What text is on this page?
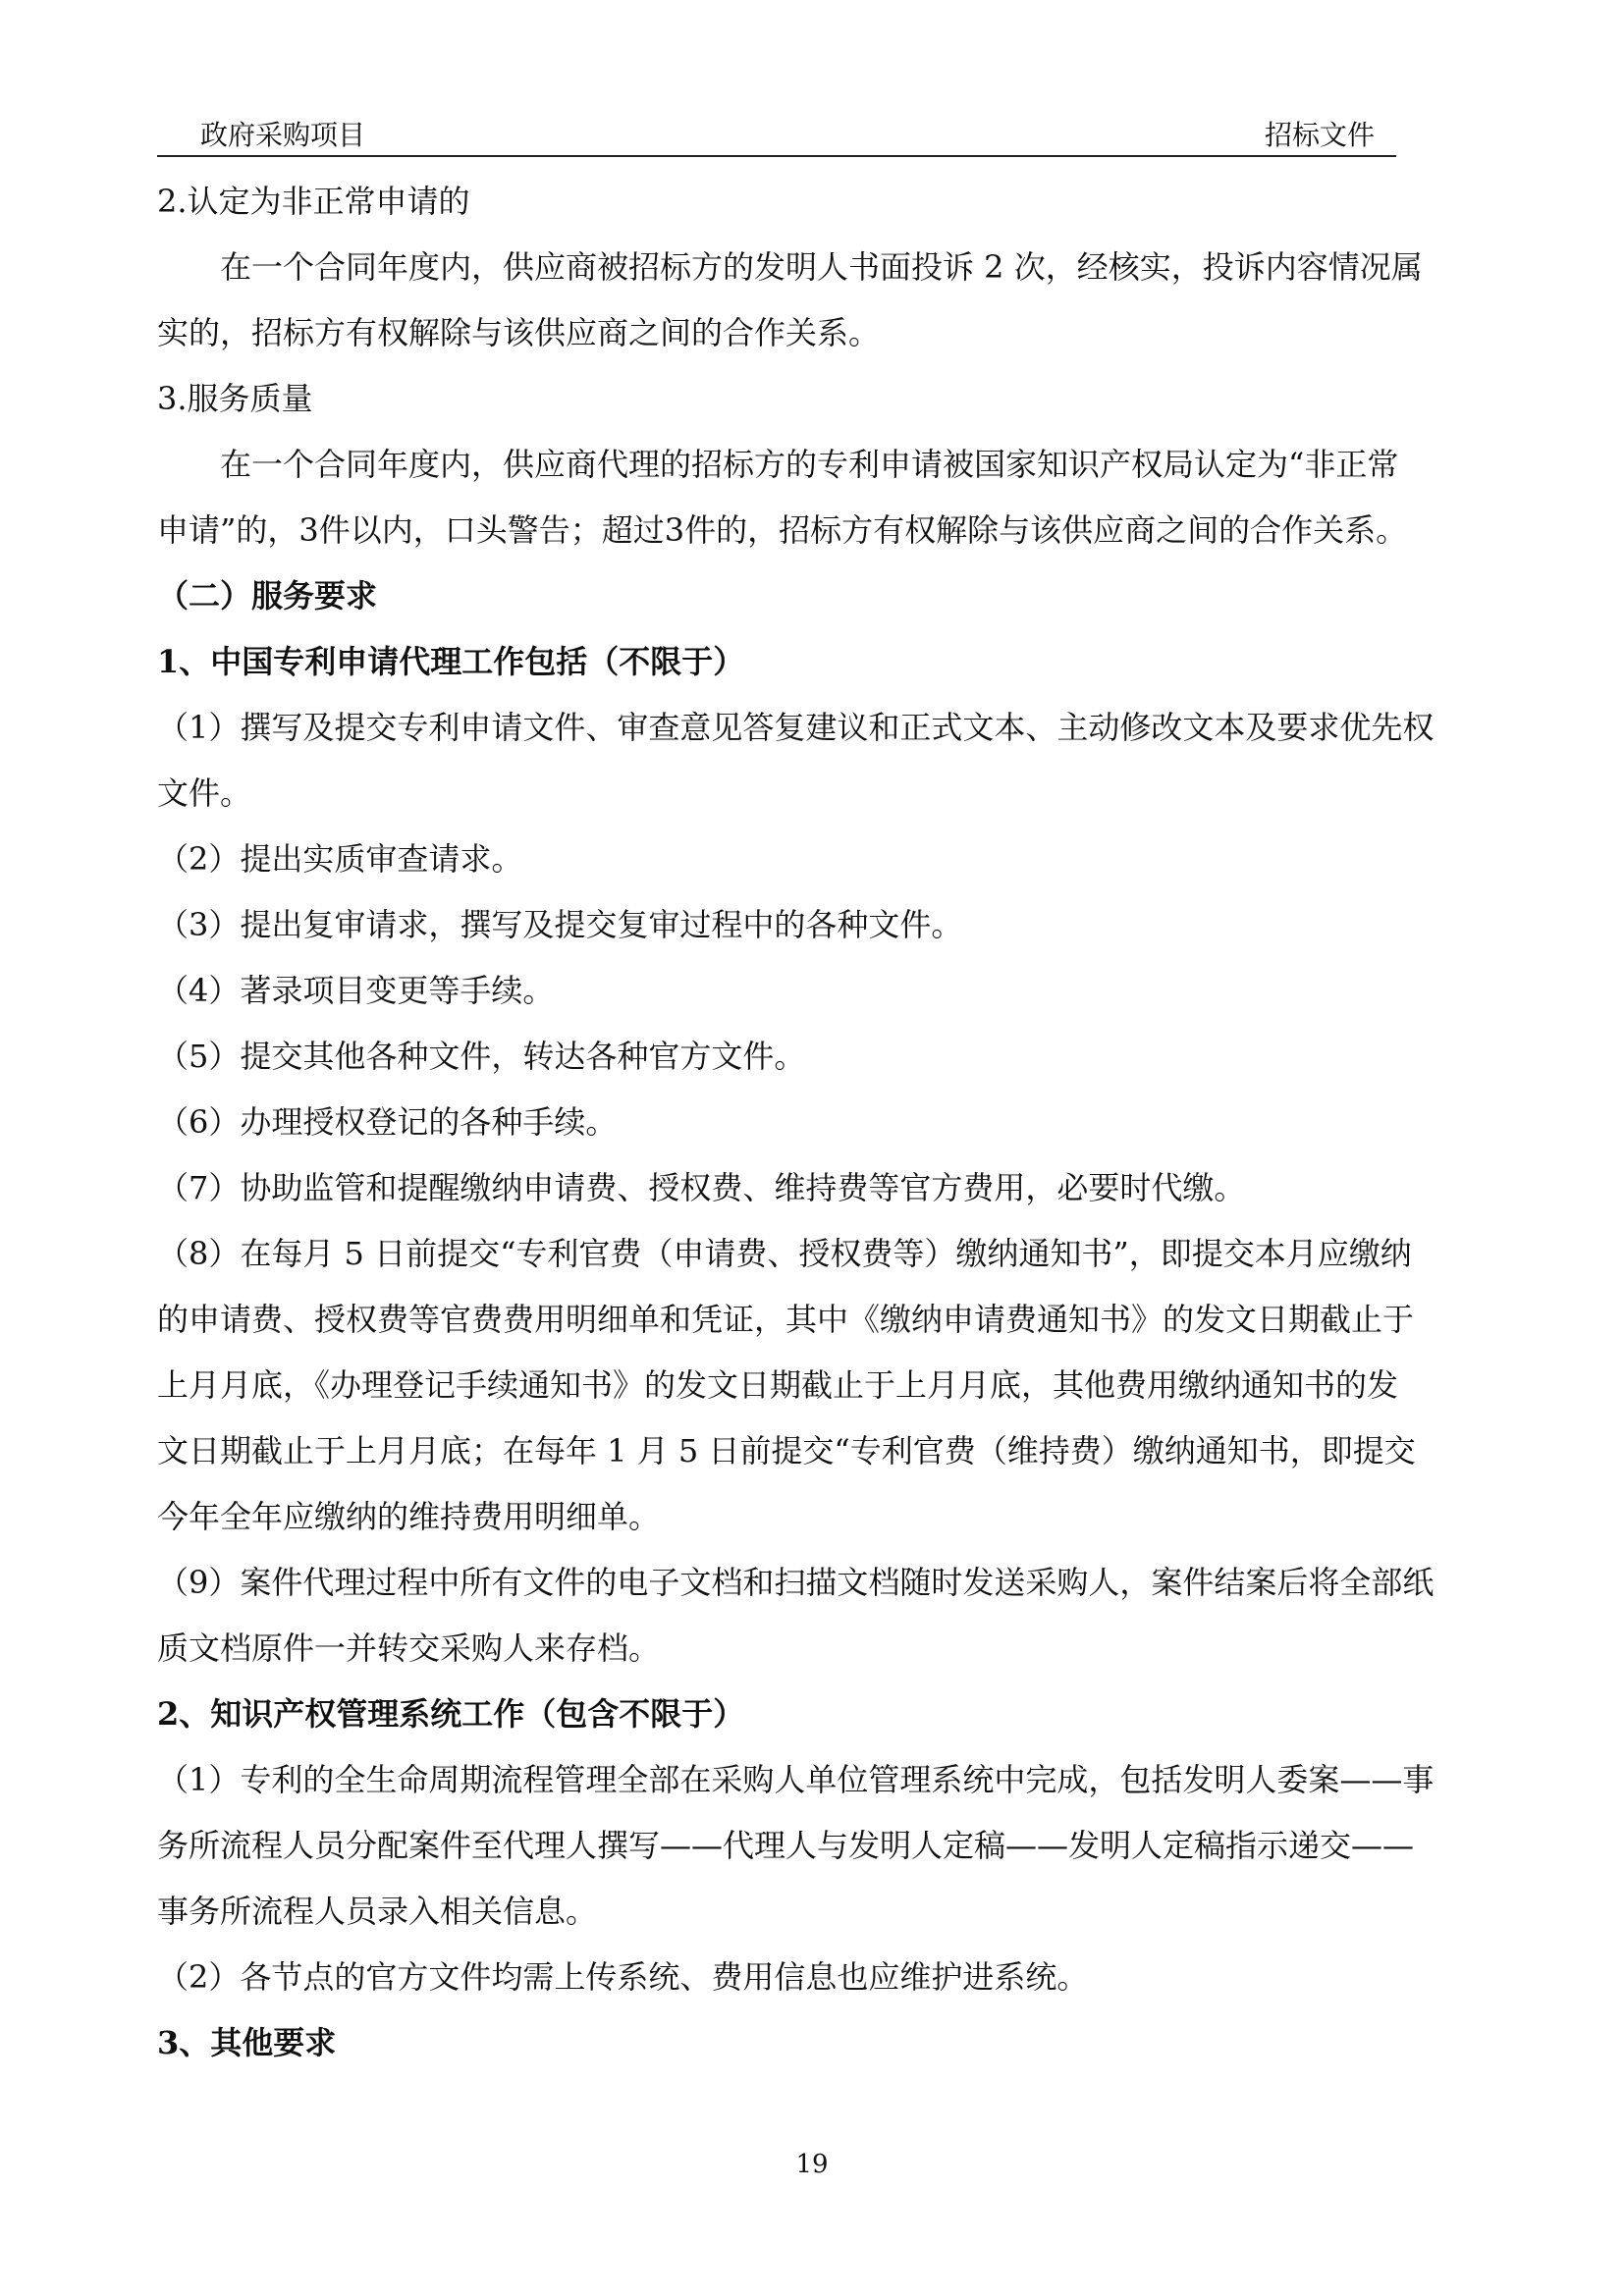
政府采购项目	招标文件

2.认定为非正常申请的

在一个合同年度内，供应商被招标方的发明人书面投诉 2 次，经核实，投诉内容情况属

实的，招标方有权解除与该供应商之间的合作关系。

3.服务质量

在一个合同年度内，供应商代理的招标方的专利申请被国家知识产权局认定为“非正常

申请”的，3件以内，口头警告；超过3件的，招标方有权解除与该供应商之间的合作关系。

（二）服务要求

1、中国专利申请代理工作包括（不限于）

（1）撰写及提交专利申请文件、审查意见答复建议和正式文本、主动修改文本及要求优先权

文件。

（2）提出实质审查请求。

（3）提出复审请求，撰写及提交复审过程中的各种文件。

（4）著录项目变更等手续。

（5）提交其他各种文件，转达各种官方文件。

（6）办理授权登记的各种手续。

（7）协助监管和提醒缴纳申请费、授权费、维持费等官方费用，必要时代缴。

（8）在每月 5 日前提交“专利官费（申请费、授权费等）缴纳通知书”，即提交本月应缴纳

的申请费、授权费等官费费用明细单和凭证，其中《缴纳申请费通知书》的发文日期截止于

上月月底，《办理登记手续通知书》的发文日期截止于上月月底，其他费用缴纳通知书的发

文日期截止于上月月底；在每年 1 月 5 日前提交“专利官费（维持费）缴纳通知书，即提交

今年全年应缴纳的维持费用明细单。

（9）案件代理过程中所有文件的电子文档和扫描文档随时发送采购人，案件结案后将全部纸

质文档原件一并转交采购人来存档。

2、知识产权管理系统工作（包含不限于）

（1）专利的全生命周期流程管理全部在采购人单位管理系统中完成，包括发明人委案——事

务所流程人员分配案件至代理人撰写——代理人与发明人定稿——发明人定稿指示递交——

事务所流程人员录入相关信息。

（2）各节点的官方文件均需上传系统、费用信息也应维护进系统。

3、其他要求

19
